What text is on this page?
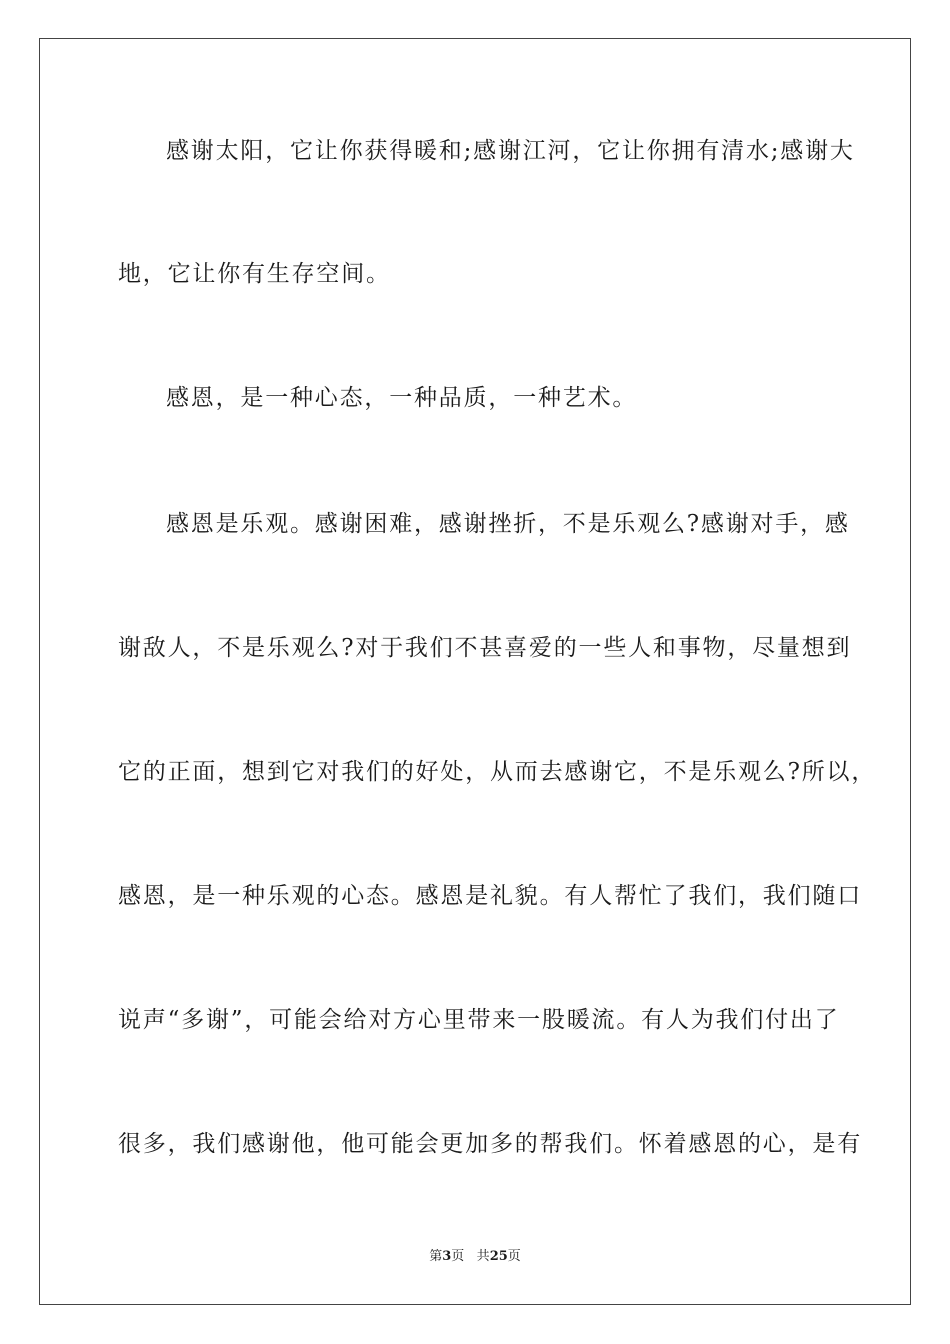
感谢太阳，它让你获得暖和;感谢江河，它让你拥有清水;感谢大
地，它让你有生存空间。
感恩，是一种心态，一种品质，一种艺术。
感恩是乐观。感谢困难，感谢挫折，不是乐观么?感谢对手，感
谢敌人，不是乐观么?对于我们不甚喜爱的一些人和事物，尽量想到
它的正面，想到它对我们的好处，从而去感谢它，不是乐观么?所以，
感恩，是一种乐观的心态。感恩是礼貌。有人帮忙了我们，我们随口
说声“多谢”，可能会给对方心里带来一股暖流。有人为我们付出了
很多，我们感谢他，他可能会更加多的帮我们。怀着感恩的心，是有
第3页 共25页
